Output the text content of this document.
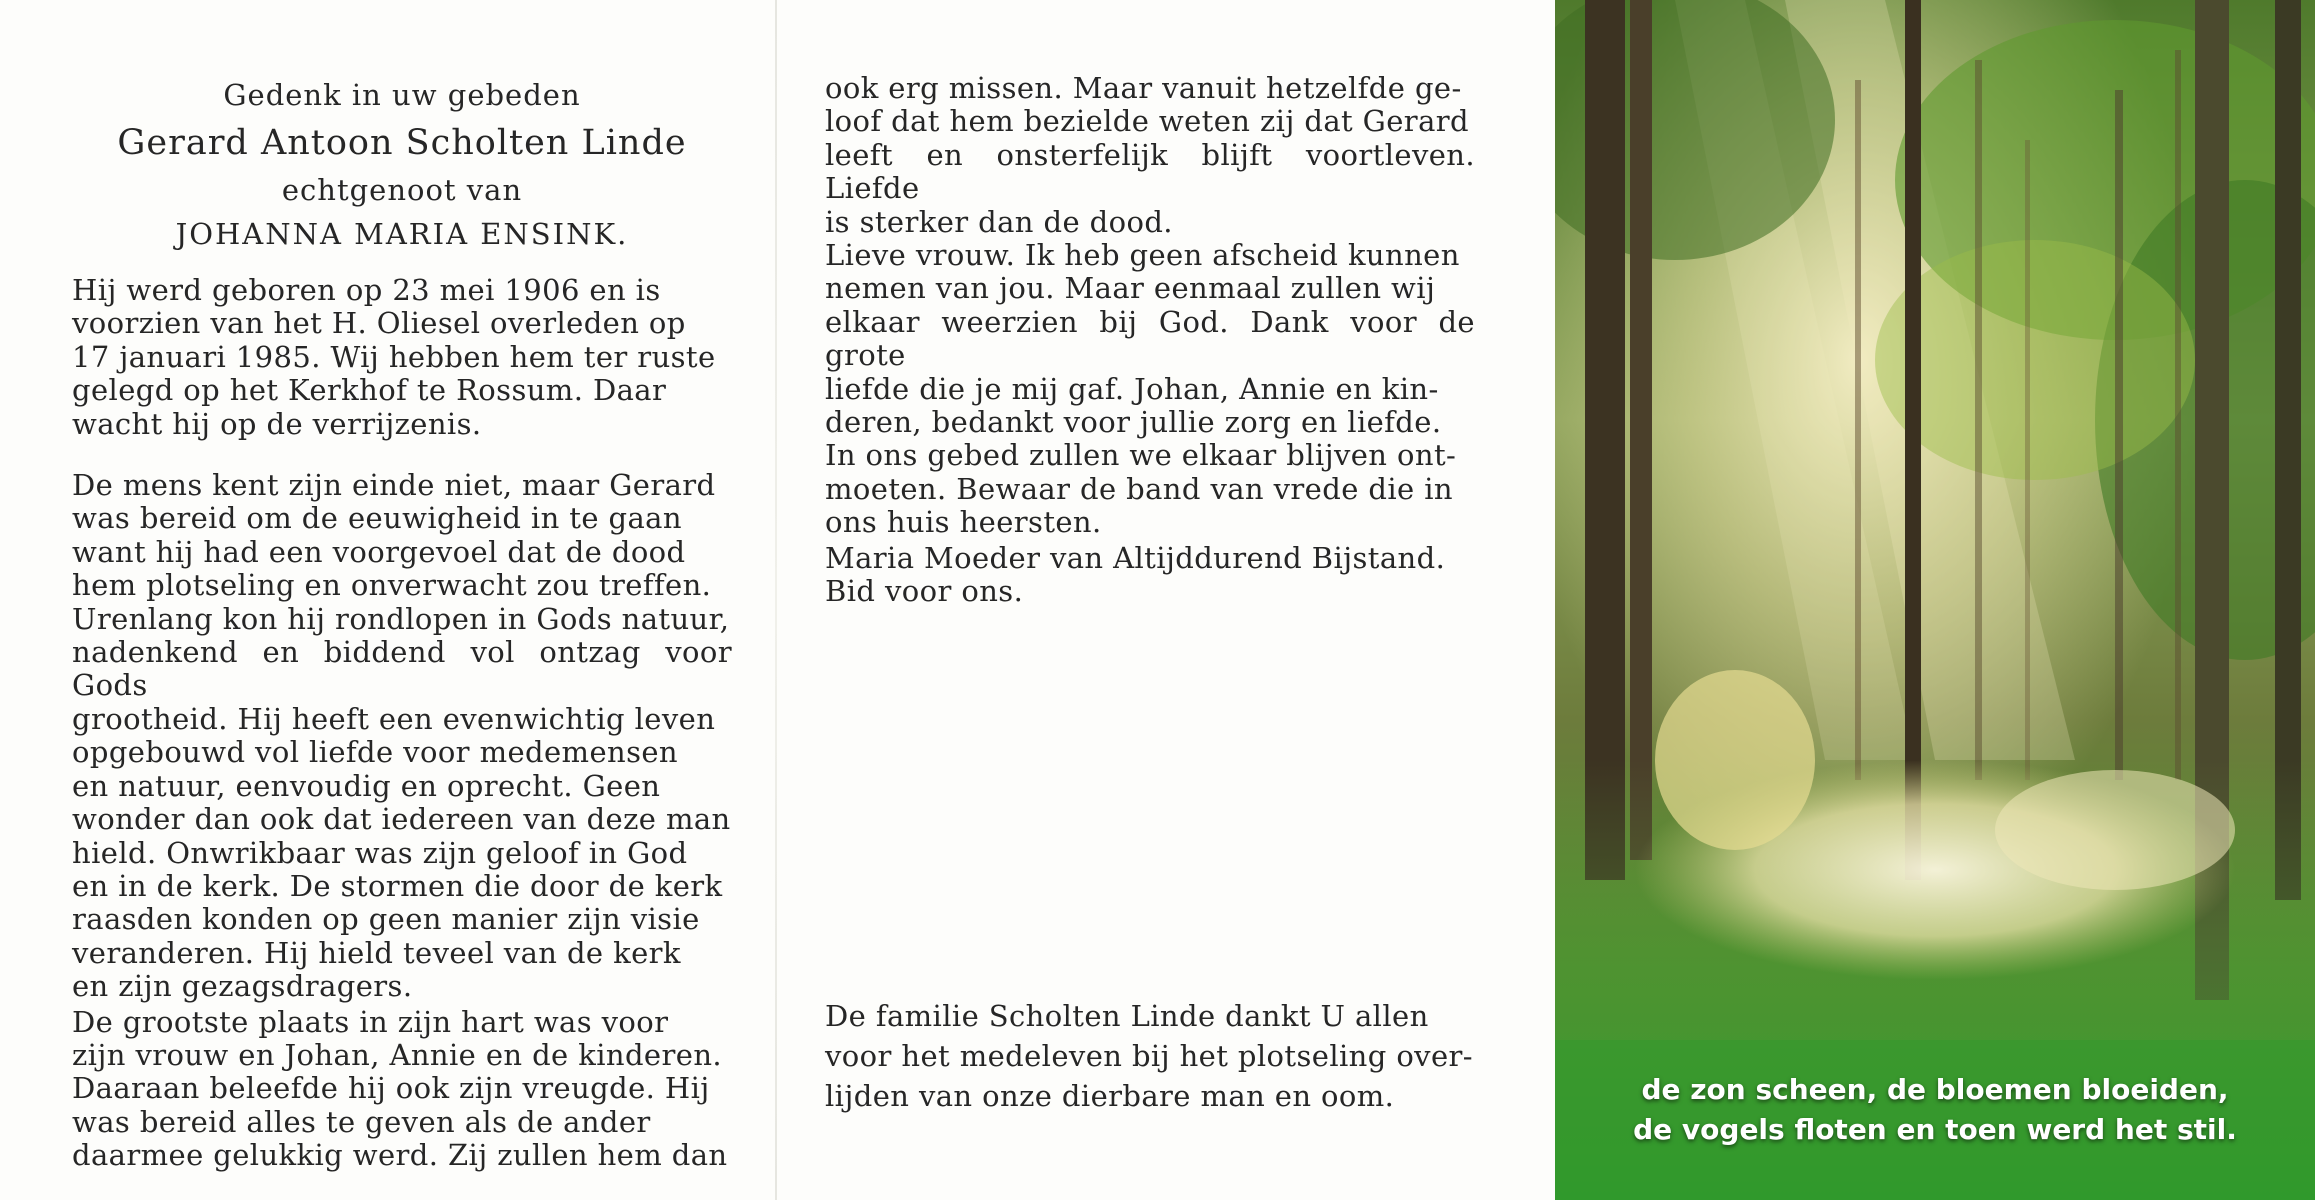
Gedenk in uw gebeden
Gerard Antoon Scholten Linde
echtgenoot van
JOHANNA MARIA ENSINK.

Hij werd geboren op 23 mei 1906 en is
voorzien van het H. Oliesel overleden op
17 januari 1985. Wij hebben hem ter ruste
gelegd op het Kerkhof te Rossum. Daar
wacht hij op de verrijzenis.

De mens kent zijn einde niet, maar Gerard
was bereid om de eeuwigheid in te gaan
want hij had een voorgevoel dat de dood
hem plotseling en onverwacht zou treffen.
Urenlang kon hij rondlopen in Gods natuur,
nadenkend en biddend vol ontzag voor Gods
grootheid. Hij heeft een evenwichtig leven
opgebouwd vol liefde voor medemensen
en natuur, eenvoudig en oprecht. Geen
wonder dan ook dat iedereen van deze man
hield. Onwrikbaar was zijn geloof in God
en in de kerk. De stormen die door de kerk
raasden konden op geen manier zijn visie
veranderen. Hij hield teveel van de kerk
en zijn gezagsdragers.

De grootste plaats in zijn hart was voor
zijn vrouw en Johan, Annie en de kinderen.
Daaraan beleefde hij ook zijn vreugde. Hij
was bereid alles te geven als de ander
daarmee gelukkig werd. Zij zullen hem dan

ook erg missen. Maar vanuit hetzelfde ge-
loof dat hem bezielde weten zij dat Gerard
leeft en onsterfelijk blijft voortleven. Liefde
is sterker dan de dood.

Lieve vrouw. Ik heb geen afscheid kunnen
nemen van jou. Maar eenmaal zullen wij
elkaar weerzien bij God. Dank voor de grote
liefde die je mij gaf. Johan, Annie en kin-
deren, bedankt voor jullie zorg en liefde.
In ons gebed zullen we elkaar blijven ont-
moeten. Bewaar de band van vrede die in
ons huis heersten.

Maria Moeder van Altijddurend Bijstand.

Bid voor ons.

De familie Scholten Linde dankt U allen
voor het medeleven bij het plotseling over-
lijden van onze dierbare man en oom.	de zon scheen, de bloemen bloeiden,
de vogels floten en toen werd het stil.
